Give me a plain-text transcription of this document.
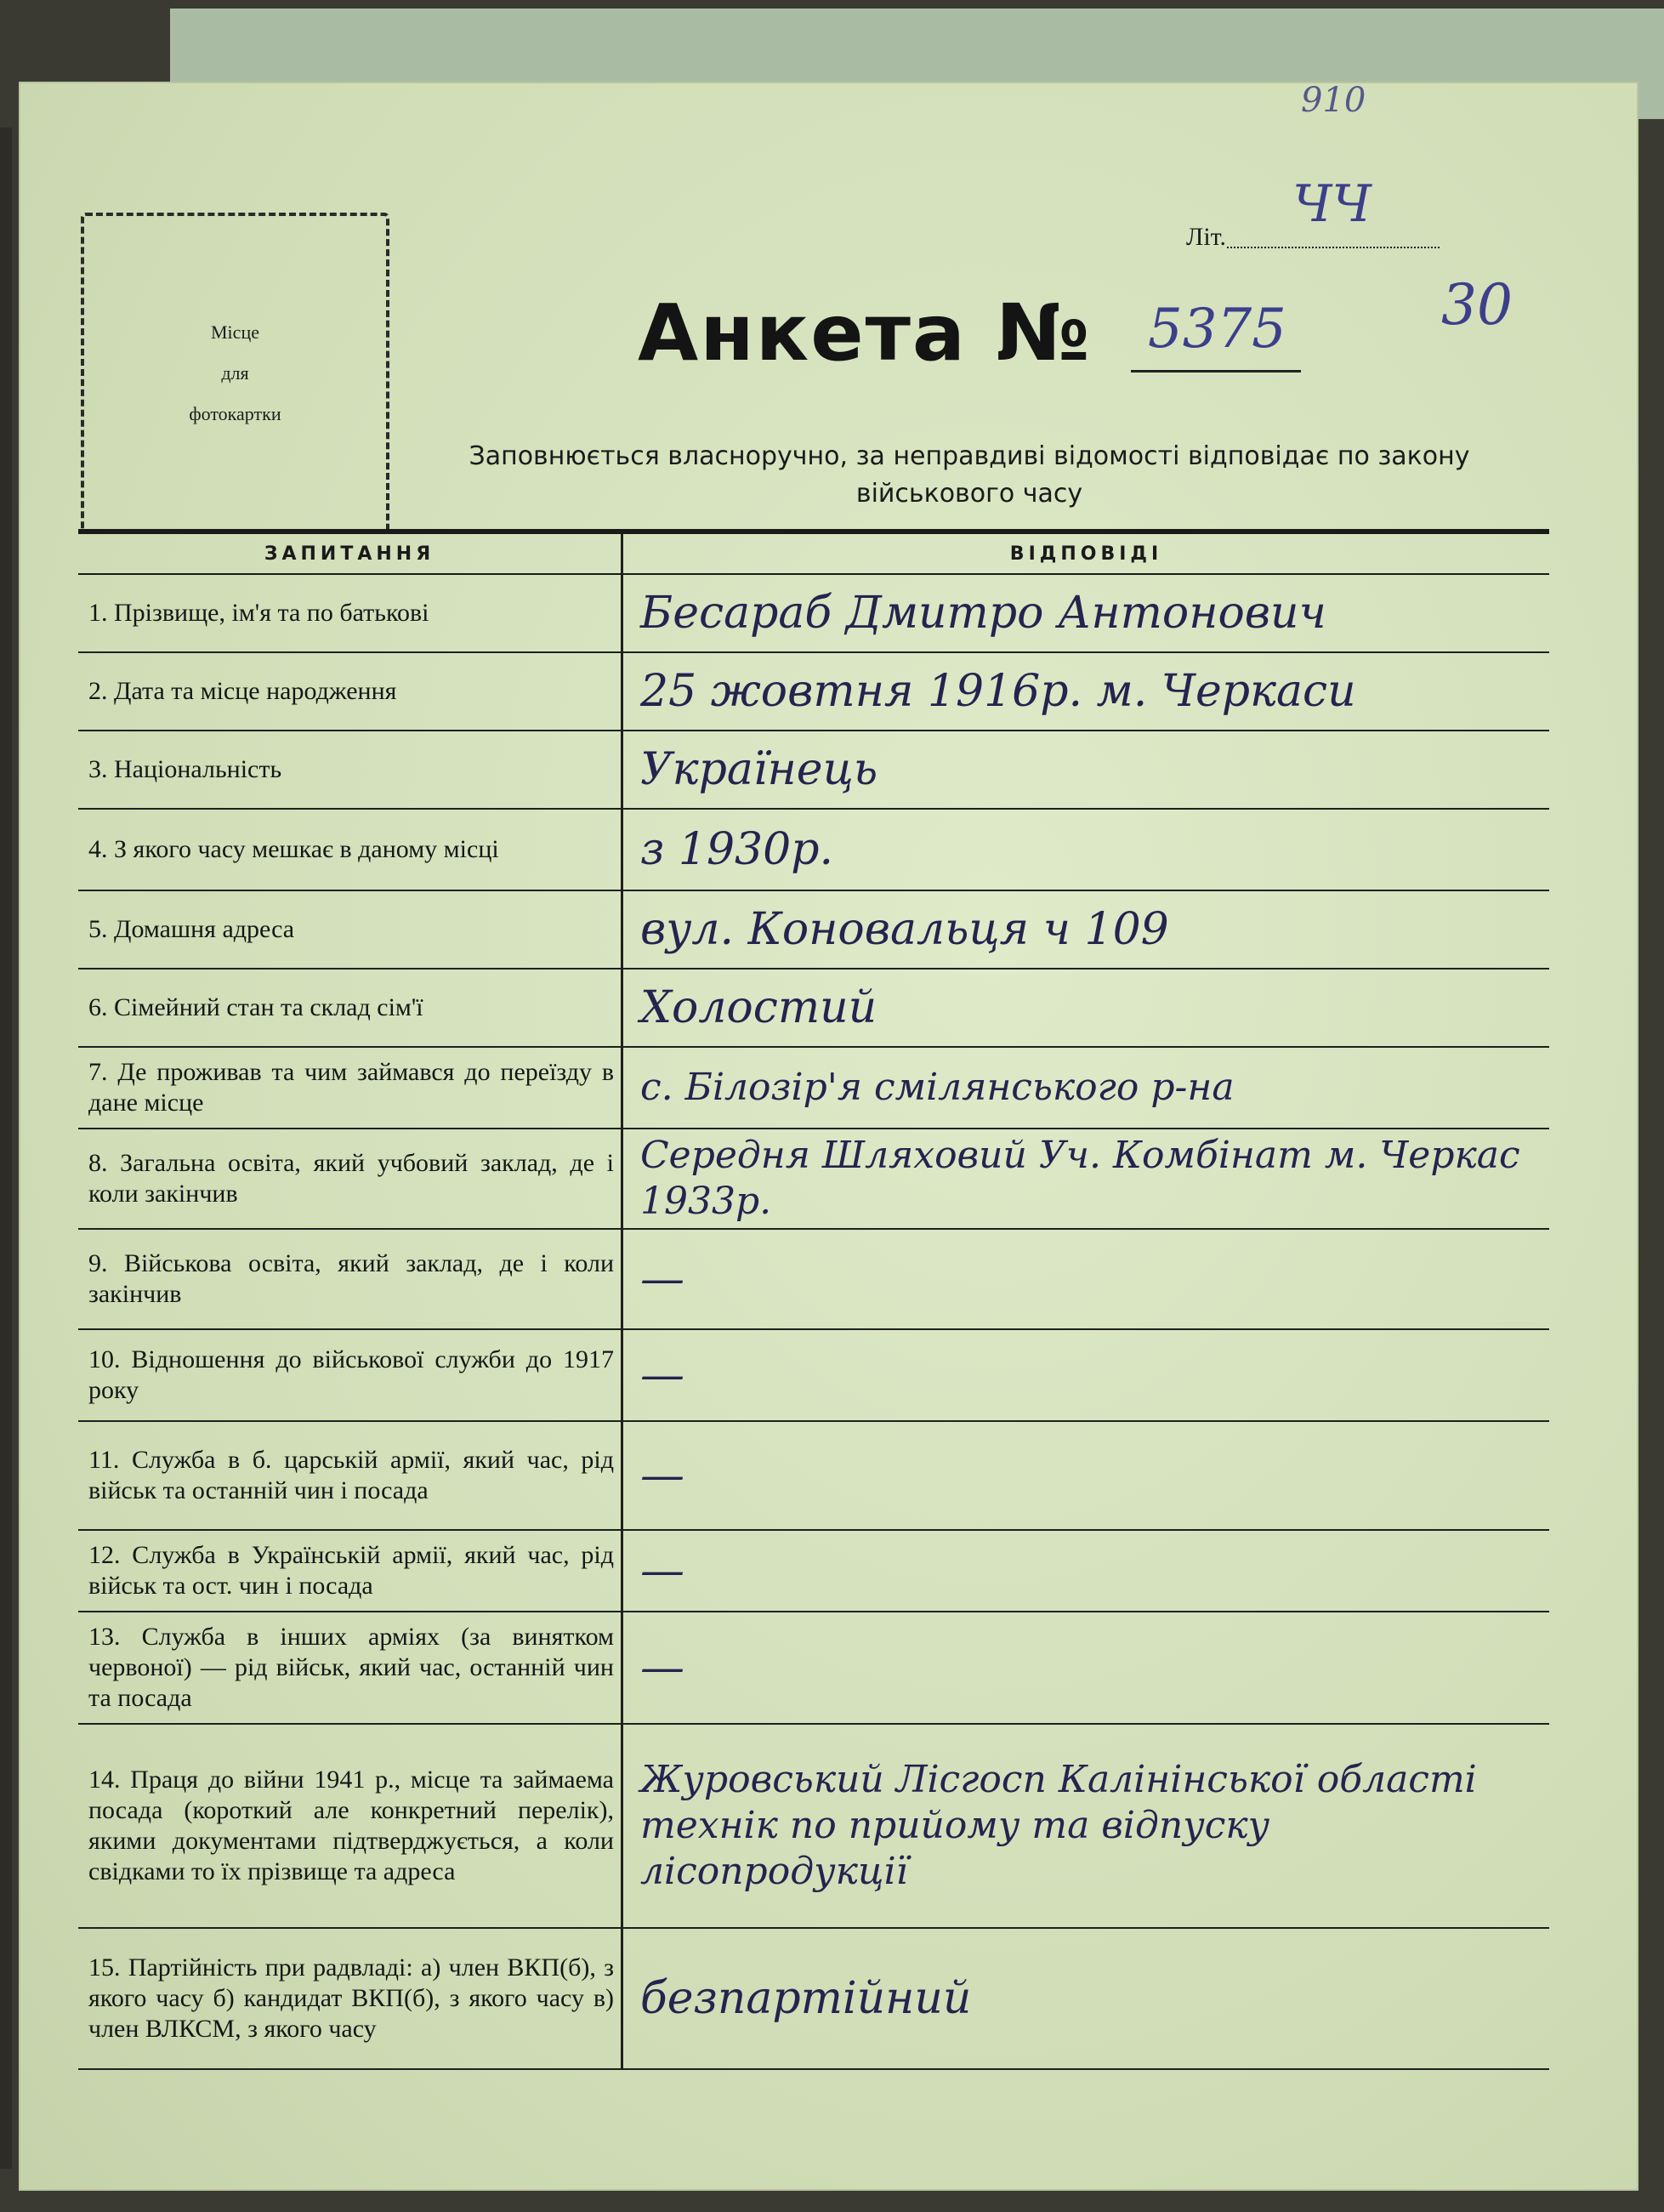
910
Місце
для
фотокартки
Літ.
ЧЧ
30
Анкета № 5375
Заповнюється власноручно, за неправдиві відомості відповідає по закону військового часу
ЗАПИТАННЯ	ВІДПОВІДІ
1. Прізвище, ім'я та по батькові	Бесараб Дмитро Антонович
2. Дата та місце народження	25 жовтня 1916р. м. Черкаси
3. Національність	Українець
4. З якого часу мешкає в даному місці	з 1930р.
5. Домашня адреса	вул. Коновальця ч 109
6. Сімейний стан та склад сім'ї	Холостий
7. Де проживав та чим займався до переїзду в дане місце	с. Білозір'я смілянського р-на
8. Загальна освіта, який учбовий заклад, де і коли закінчив	Середня Шляховий Уч. Комбінат м. Черкас 1933р.
9. Військова освіта, який заклад, де і коли закінчив	—
10. Відношення до військової служби до 1917 року	—
11. Служба в б. царській армії, який час, рід військ та останній чин і посада	—
12. Служба в Українській армії, який час, рід військ та ост. чин і посада	—
13. Служба в інших арміях (за винятком червоної) — рід військ, який час, останній чин та посада	—
14. Праця до війни 1941 р., місце та займаема посада (короткий але конкретний перелік), якими документами підтверджується, а коли свідками то їх прізвище та адреса	Журовський Лісгосп Калінінської області технік по прийому та відпуску лісопродукції
15. Партійність при радвладі: а) член ВКП(б), з якого часу б) кандидат ВКП(б), з якого часу в) член ВЛКСМ, з якого часу	безпартійний
